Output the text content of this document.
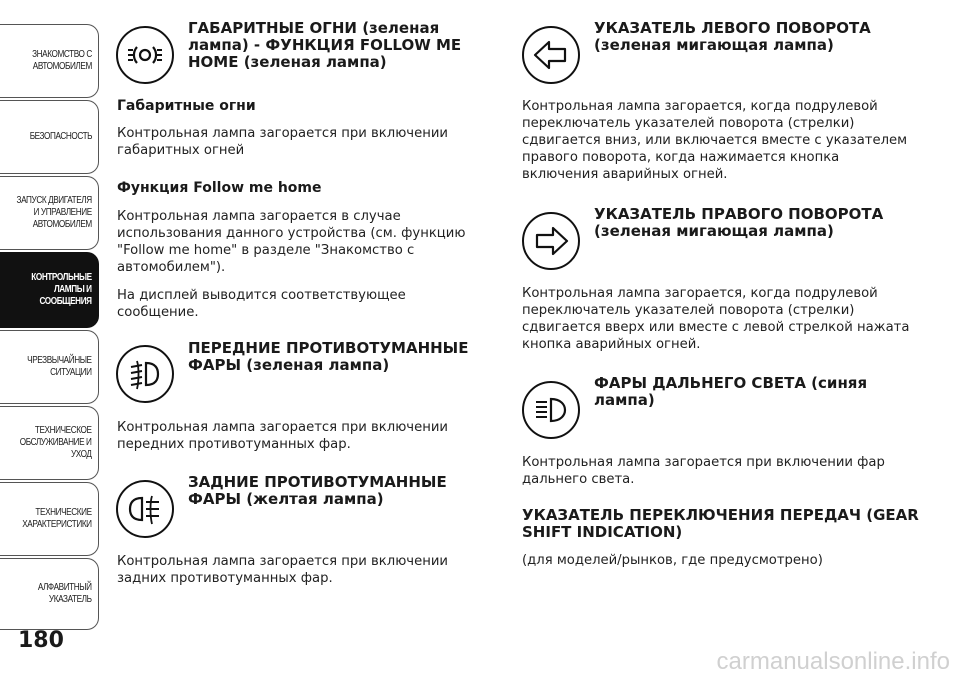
ЗНАКОМСТВО С
АВТОМОБИЛЕМ
БЕЗОПАСНОСТЬ
ЗАПУСК ДВИГАТЕЛЯ
И УПРАВЛЕНИЕ
АВТОМОБИЛЕМ
КОНТРОЛЬНЫЕ
ЛАМПЫ И
СООБЩЕНИЯ
ЧРЕЗВЫЧАЙНЫЕ
СИТУАЦИИ
ТЕХНИЧЕСКОЕ
ОБСЛУЖИВАНИЕ И
УХОД
ТЕХНИЧЕСКИЕ
ХАРАКТЕРИСТИКИ
АЛФАВИТНЫЙ
УКАЗАТЕЛЬ
180
ГАБАРИТНЫЕ ОГНИ (зеленая лампа) - ФУНКЦИЯ FOLLOW ME HOME (зеленая лампа)
Габаритные огни
Контрольная лампа загорается при включении габаритных огней
Функция Follow me home
Контрольная лампа загорается в случае использования данного устройства (см. функцию "Follow me home" в разделе "Знакомство с автомобилем").
На дисплей выводится соответствующее сообщение.
ПЕРЕДНИЕ ПРОТИВОТУМАННЫЕ ФАРЫ (зеленая лампа)
Контрольная лампа загорается при включении передних противотуманных фар.
ЗАДНИЕ ПРОТИВОТУМАННЫЕ ФАРЫ (желтая лампа)
Контрольная лампа загорается при включении задних противотуманных фар.
УКАЗАТЕЛЬ ЛЕВОГО ПОВОРОТА (зеленая мигающая лампа)
Контрольная лампа загорается, когда подрулевой переключатель указателей поворота (стрелки) сдвигается вниз, или включается вместе с указателем правого поворота, когда нажимается кнопка включения аварийных огней.
УКАЗАТЕЛЬ ПРАВОГО ПОВОРОТА (зеленая мигающая лампа)
Контрольная лампа загорается, когда подрулевой переключатель указателей поворота (стрелки) сдвигается вверх или вместе с левой стрелкой нажата кнопка аварийных огней.
ФАРЫ ДАЛЬНЕГО СВЕТА (синяя лампа)
Контрольная лампа загорается при включении фар дальнего света.
УКАЗАТЕЛЬ ПЕРЕКЛЮЧЕНИЯ ПЕРЕДАЧ (GEAR SHIFT INDICATION)
(для моделей/рынков, где предусмотрено)
carmanualsonline.info
